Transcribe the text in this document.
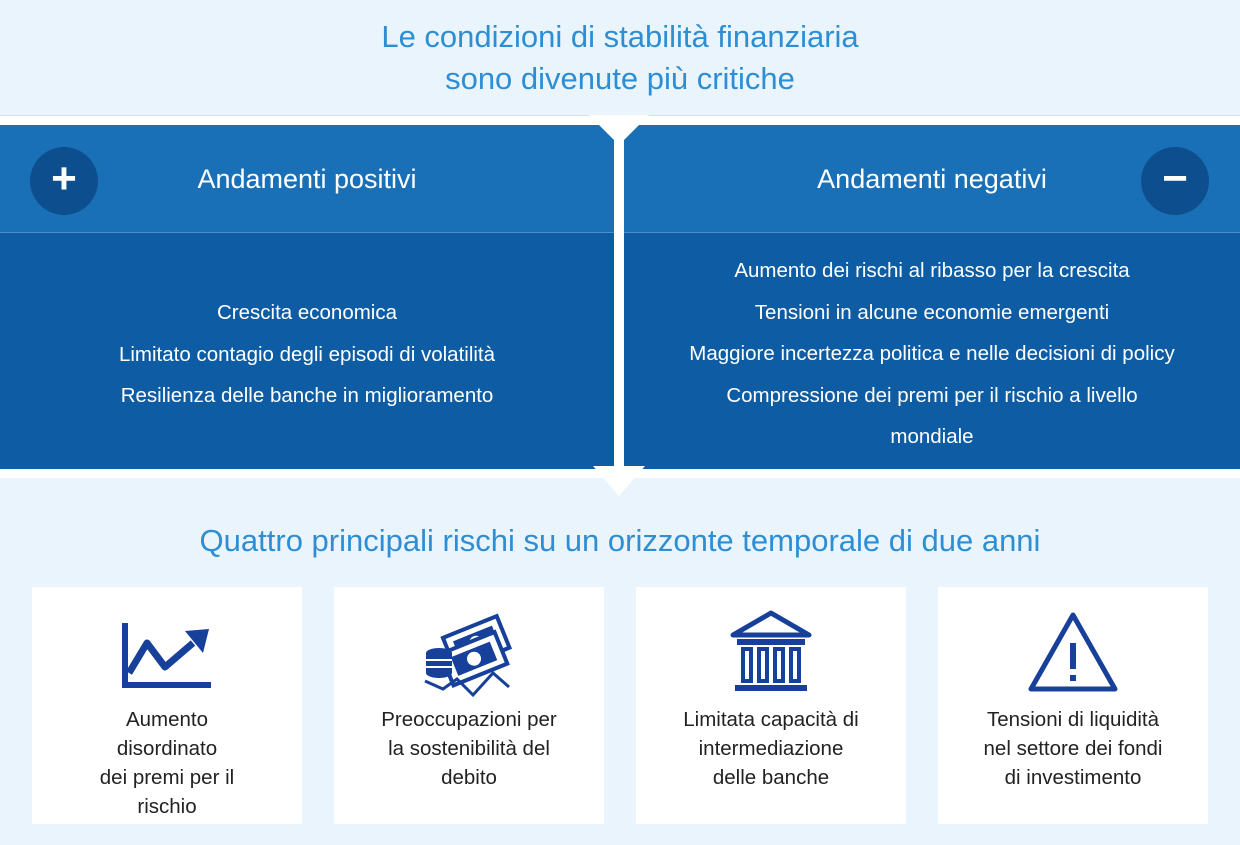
Le condizioni di stabilità finanziaria
sono divenute più critiche
+	Andamenti positivi
Crescita economica
Limitato contagio degli episodi di volatilità
Resilienza delle banche in miglioramento
Andamenti negativi	−
Aumento dei rischi al ribasso per la crescita
Tensioni in alcune economie emergenti
Maggiore incertezza politica e nelle decisioni di policy
Compressione dei premi per il rischio a livello
mondiale
Quattro principali rischi su un orizzonte temporale di due anni
Aumento
disordinato
dei premi per il
rischio
Preoccupazioni per
la sostenibilità del
debito
Limitata capacità di
intermediazione
delle banche
Tensioni di liquidità
nel settore dei fondi
di investimento
